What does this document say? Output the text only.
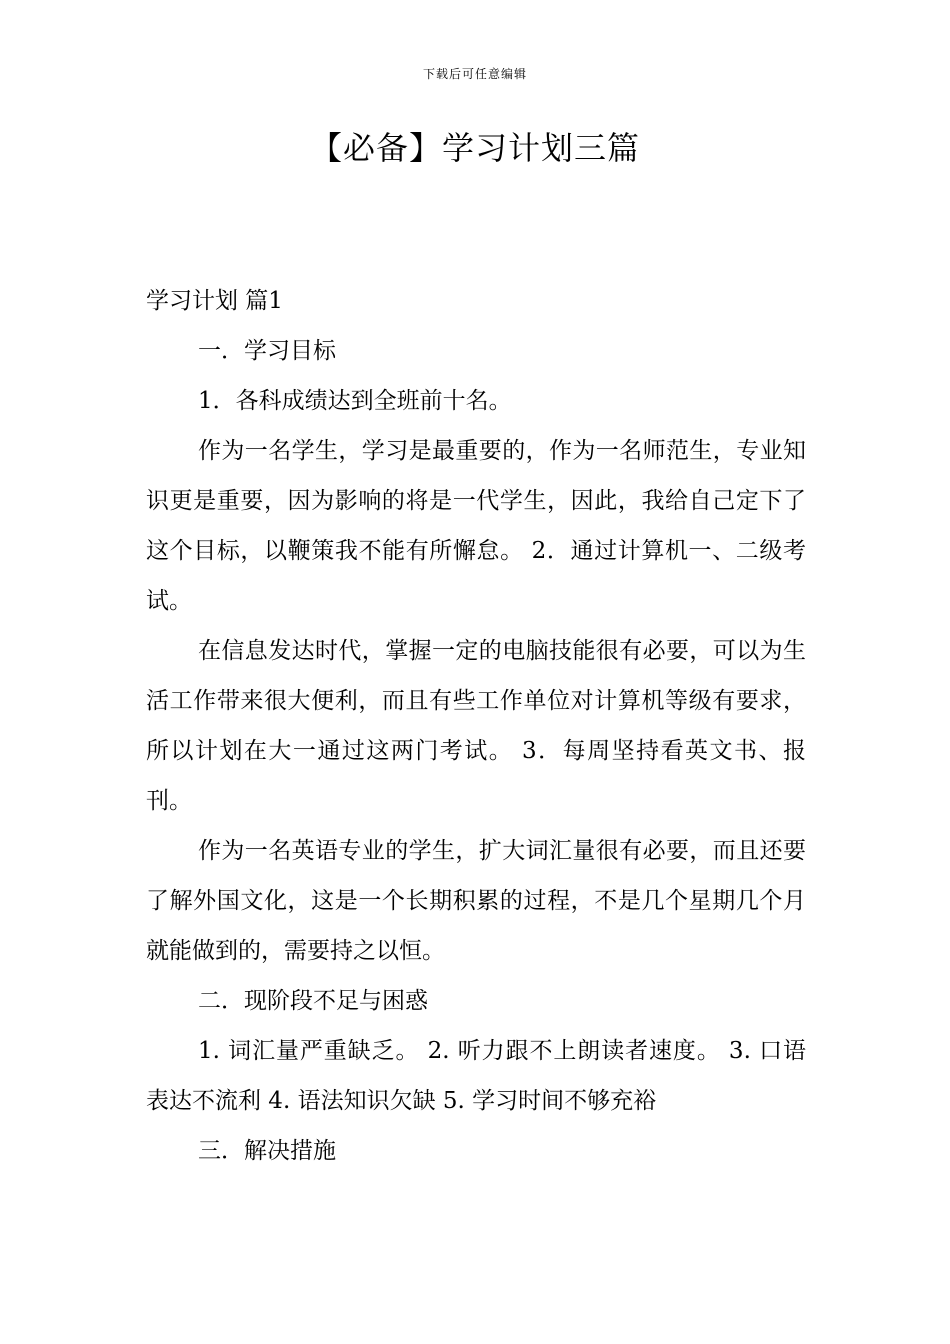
下载后可任意编辑
【必备】学习计划三篇

学习计划 篇1

一．学习目标

1．各科成绩达到全班前十名。

作为一名学生，学习是最重要的，作为一名师范生，专业知识更是重要，因为影响的将是一代学生，因此，我给自己定下了这个目标，以鞭策我不能有所懈怠。 2．通过计算机一、二级考试。

在信息发达时代，掌握一定的电脑技能很有必要，可以为生活工作带来很大便利，而且有些工作单位对计算机等级有要求，所以计划在大一通过这两门考试。 3．每周坚持看英文书、报刊。

作为一名英语专业的学生，扩大词汇量很有必要，而且还要了解外国文化，这是一个长期积累的过程，不是几个星期几个月就能做到的，需要持之以恒。

二．现阶段不足与困惑

1. 词汇量严重缺乏。 2. 听力跟不上朗读者速度。 3. 口语表达不流利 4. 语法知识欠缺 5. 学习时间不够充裕

三．解决措施
